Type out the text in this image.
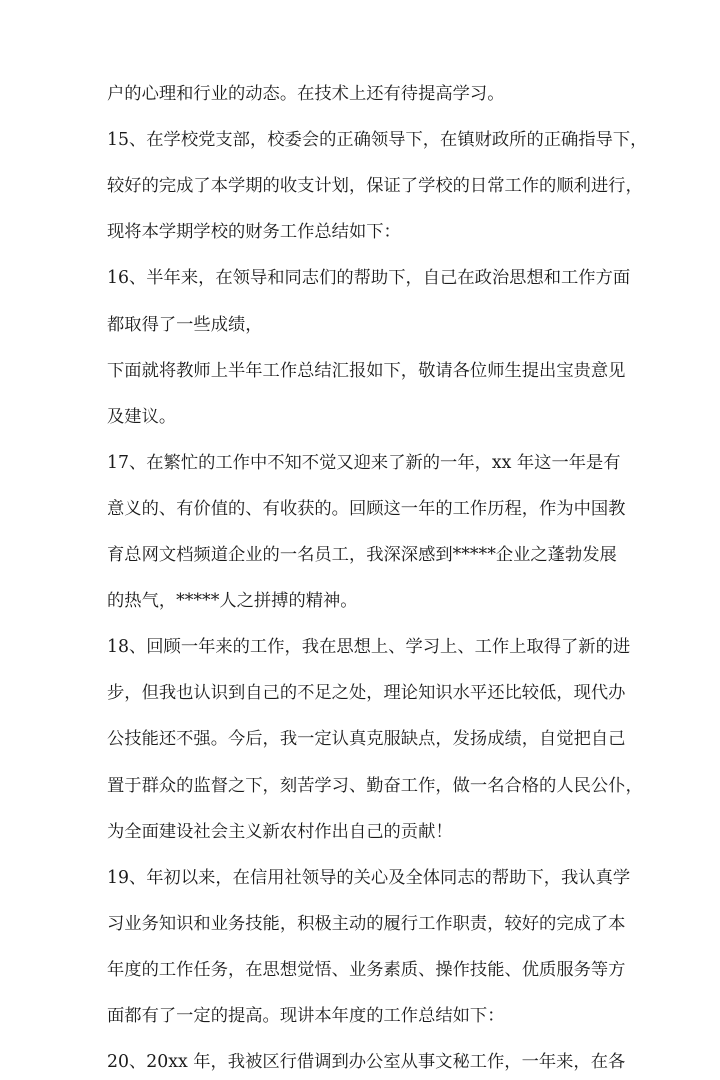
户的心理和行业的动态。在技术上还有待提高学习。
15、在学校党支部，校委会的正确领导下，在镇财政所的正确指导下，
较好的完成了本学期的收支计划，保证了学校的日常工作的顺利进行，
现将本学期学校的财务工作总结如下：
16、半年来，在领导和同志们的帮助下，自己在政治思想和工作方面
都取得了一些成绩，
下面就将教师上半年工作总结汇报如下，敬请各位师生提出宝贵意见
及建议。
17、在繁忙的工作中不知不觉又迎来了新的一年，xx 年这一年是有
意义的、有价值的、有收获的。回顾这一年的工作历程，作为中国教
育总网文档频道企业的一名员工，我深深感到*****企业之蓬勃发展
的热气，*****人之拼搏的精神。
18、回顾一年来的工作，我在思想上、学习上、工作上取得了新的进
步，但我也认识到自己的不足之处，理论知识水平还比较低，现代办
公技能还不强。今后，我一定认真克服缺点，发扬成绩，自觉把自己
置于群众的监督之下，刻苦学习、勤奋工作，做一名合格的人民公仆，
为全面建设社会主义新农村作出自己的贡献！
19、年初以来，在信用社领导的关心及全体同志的帮助下，我认真学
习业务知识和业务技能，积极主动的履行工作职责，较好的完成了本
年度的工作任务，在思想觉悟、业务素质、操作技能、优质服务等方
面都有了一定的提高。现讲本年度的工作总结如下：
20、20xx 年，我被区行借调到办公室从事文秘工作，一年来，在各
